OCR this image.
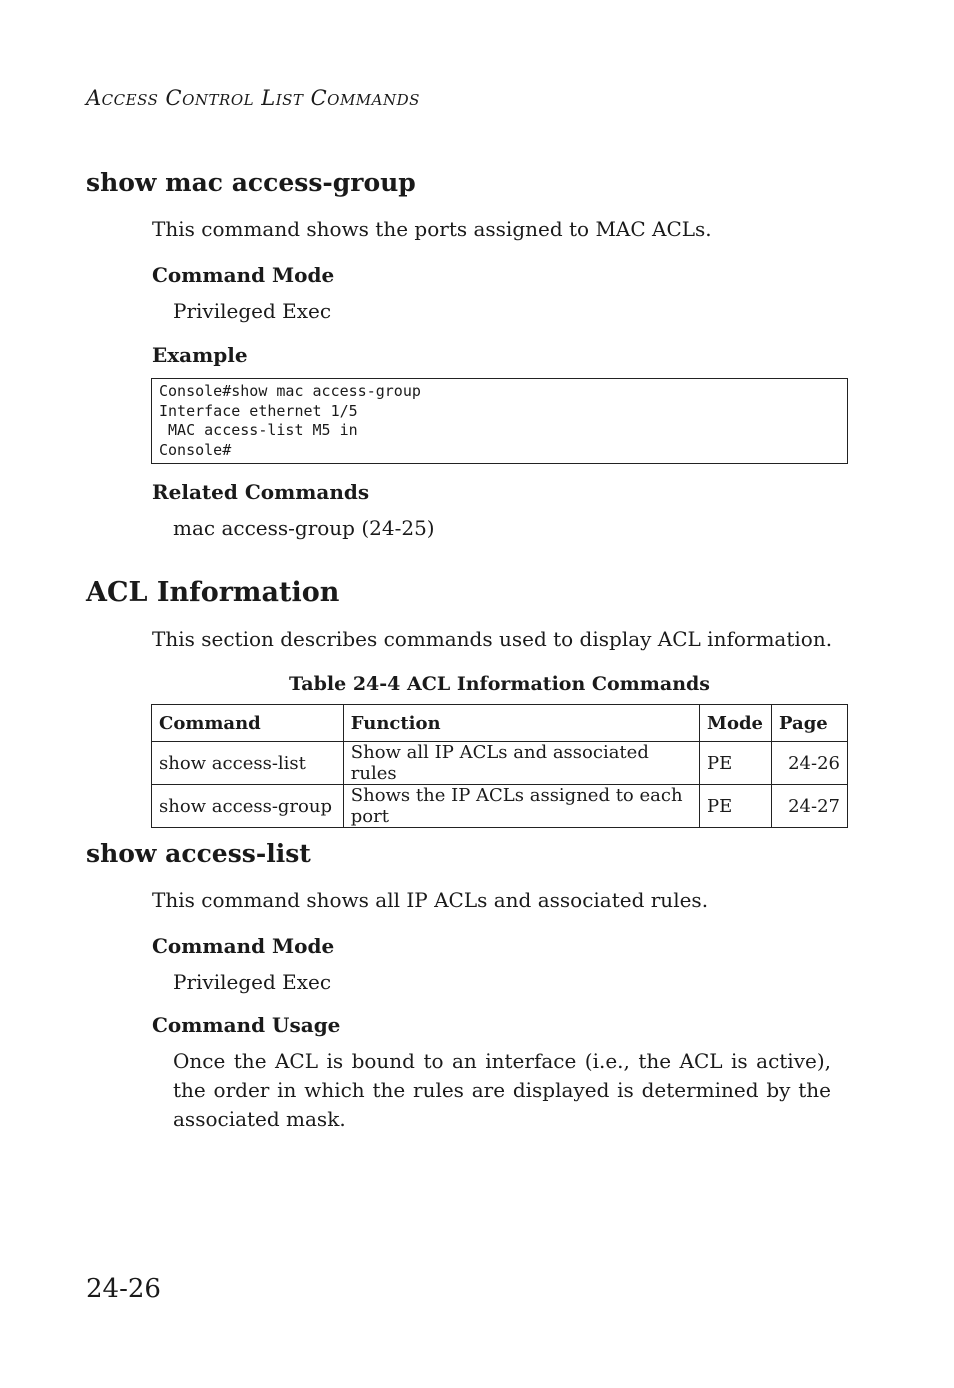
Access Control List Commands
show mac access-group
This command shows the ports assigned to MAC ACLs.
Command Mode
Privileged Exec
Example
Console#show mac access-group
Interface ethernet 1/5
MAC access-list M5 in
Console#
Related Commands
mac access-group (24-25)
ACL Information
This section describes commands used to display ACL information.
Table 24-4 ACL Information Commands
Command	Function	Mode	Page
show access-list	Show all IP ACLs and associated rules	PE	24-26
show access-group	Shows the IP ACLs assigned to each port	PE	24-27
show access-list
This command shows all IP ACLs and associated rules.
Command Mode
Privileged Exec
Command Usage
Once the ACL is bound to an interface (i.e., the ACL is active), the order in which the rules are displayed is determined by the associated mask.
24-26
